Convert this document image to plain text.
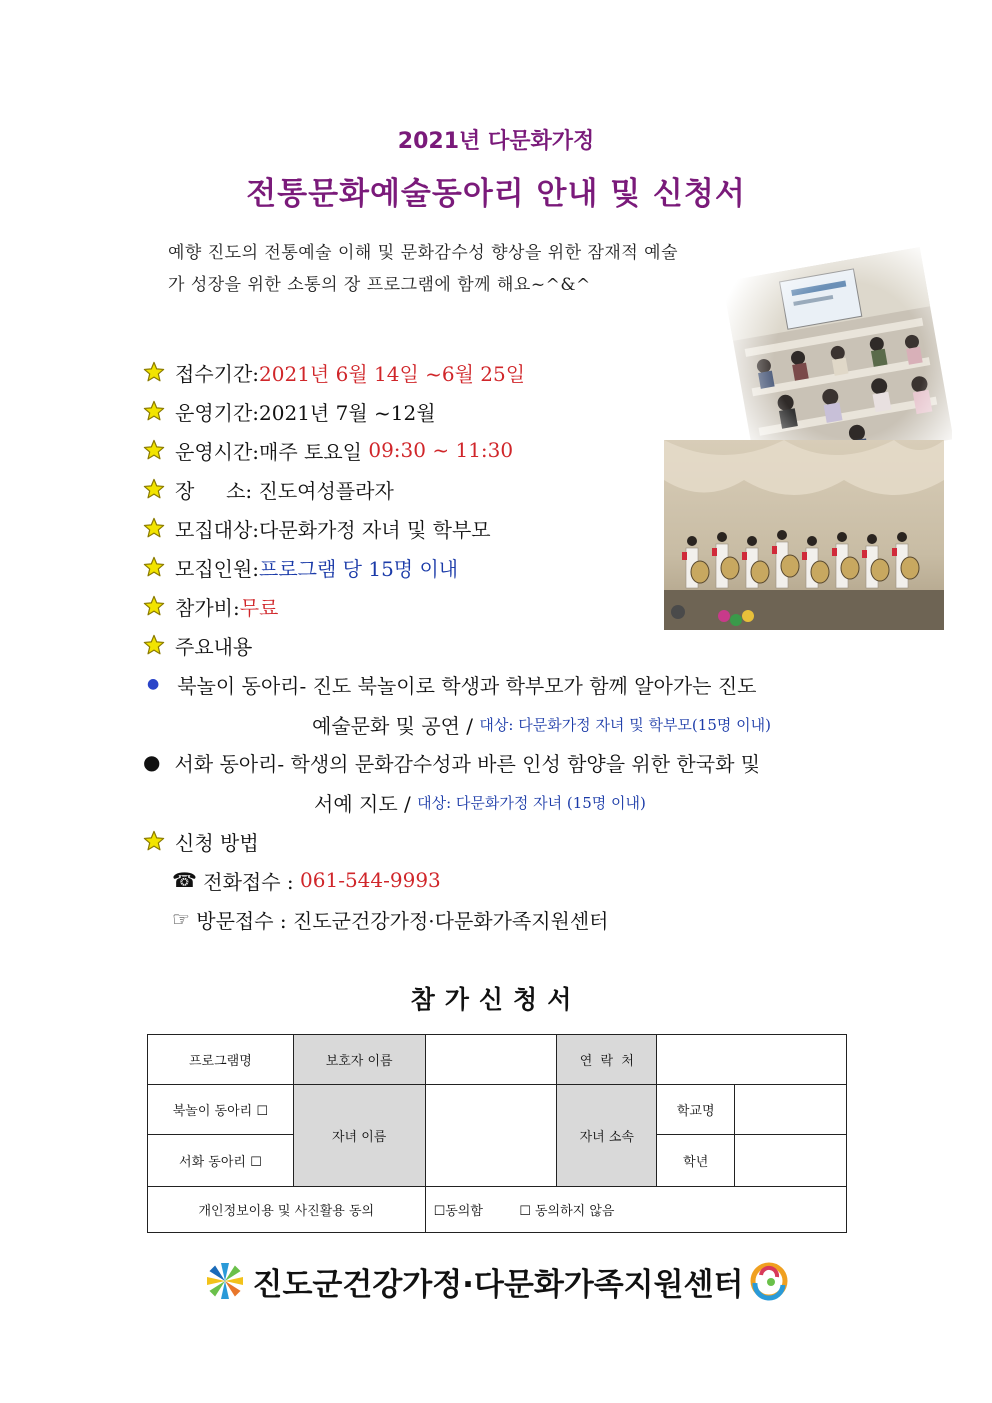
2021년 다문화가정
전통문화예술동아리 안내 및 신청서
예향 진도의 전통예술 이해 및 문화감수성 향상을 위한 잠재적 예술
가 성장을 위한 소통의 장 프로그램에 함께 해요~^&^
접수기간: 2021년 6월 14일 ~6월 25일
운영기간: 2021년 7월 ~12월
운영시간: 매주 토요일 09:30 ~ 11:30
장     소: 진도여성플라자
모집대상: 다문화가정 자녀 및 학부모
모집인원: 프로그램 당 15명 이내
참가비: 무료
주요내용
● 북놀이 동아리- 진도 북놀이로 학생과 학부모가 함께 알아가는 진도
예술문화 및 공연 / 대상: 다문화가정 자녀 및 학부모(15명 이내)
● 서화 동아리- 학생의 문화감수성과 바른 인성 함양을 위한 한국화 및
서예 지도 / 대상: 다문화가정 자녀 (15명 이내)
신청 방법
☎ 전화접수 : 061-544-9993
☞ 방문접수 : 진도군건강가정·다문화가족지원센터
참가신청서
프로그램명	보호자 이름		연  락  처		
북놀이 동아리 ☐	자녀 이름		자녀 소속	학교명	
서화 동아리 ☐				학년	
개인정보이용 및 사진활용 동의		☐동의함 ☐ 동의하지 않음			
진도군건강가정·다문화가족지원센터
